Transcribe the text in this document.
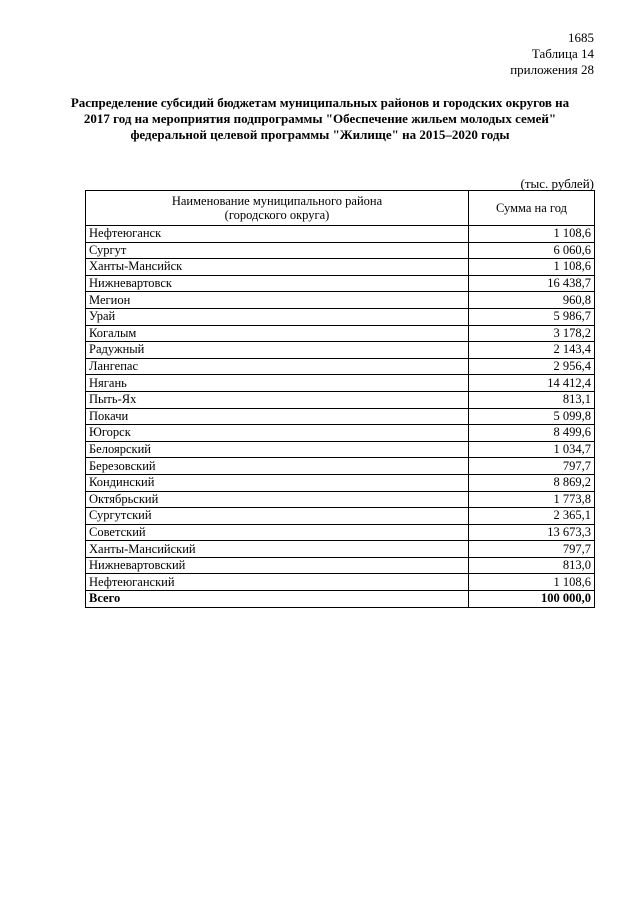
1685
Таблица 14
приложения 28
Распределение субсидий бюджетам муниципальных районов и городских округов на 2017 год на мероприятия подпрограммы "Обеспечение жильем молодых семей" федеральной целевой программы "Жилище" на 2015–2020 годы
(тыс. рублей)
Наименование муниципального района
(городского округа)	Сумма на год
Нефтеюганск	1 108,6
Сургут	6 060,6
Ханты-Мансийск	1 108,6
Нижневартовск	16 438,7
Мегион	960,8
Урай	5 986,7
Когалым	3 178,2
Радужный	2 143,4
Лангепас	2 956,4
Нягань	14 412,4
Пыть-Ях	813,1
Покачи	5 099,8
Югорск	8 499,6
Белоярский	1 034,7
Березовский	797,7
Кондинский	8 869,2
Октябрьский	1 773,8
Сургутский	2 365,1
Советский	13 673,3
Ханты-Мансийский	797,7
Нижневартовский	813,0
Нефтеюганский	1 108,6
Всего	100 000,0
